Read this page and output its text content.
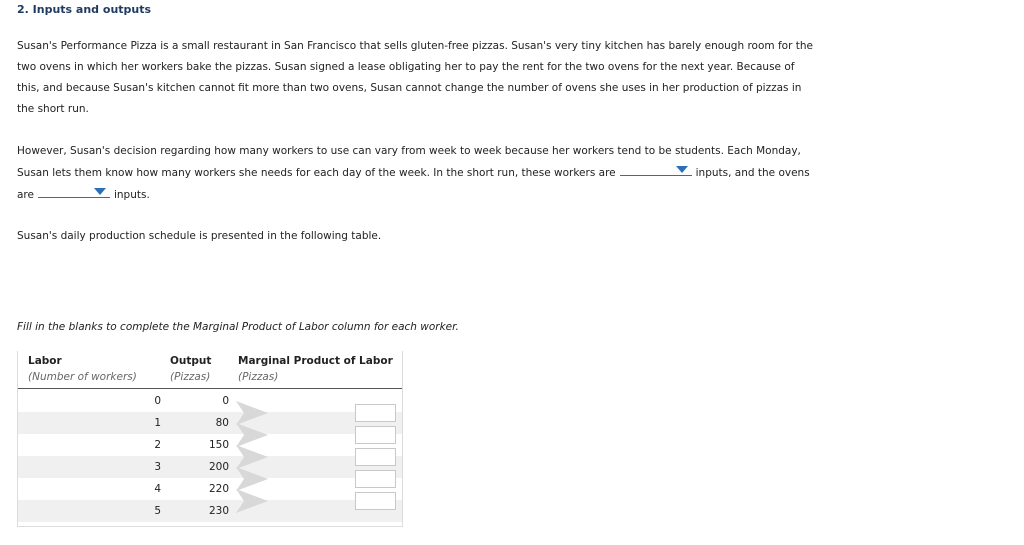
2. Inputs and outputs
Susan's Performance Pizza is a small restaurant in San Francisco that sells gluten-free pizzas. Susan's very tiny kitchen has barely enough room for the two ovens in which her workers bake the pizzas. Susan signed a lease obligating her to pay the rent for the two ovens for the next year. Because of this, and because Susan's kitchen cannot fit more than two ovens, Susan cannot change the number of ovens she uses in her production of pizzas in the short run.
However, Susan's decision regarding how many workers to use can vary from week to week because her workers tend to be students. Each Monday, Susan lets them know how many workers she needs for each day of the week. In the short run, these workers are	inputs, and the ovens are	inputs.
Susan's daily production schedule is presented in the following table.
Fill in the blanks to complete the Marginal Product of Labor column for each worker.
Labor
(Number of workers)
Output
(Pizzas)
Marginal Product of Labor
(Pizzas)
0	0
1	80
2	150
3	200
4	220
5	230
